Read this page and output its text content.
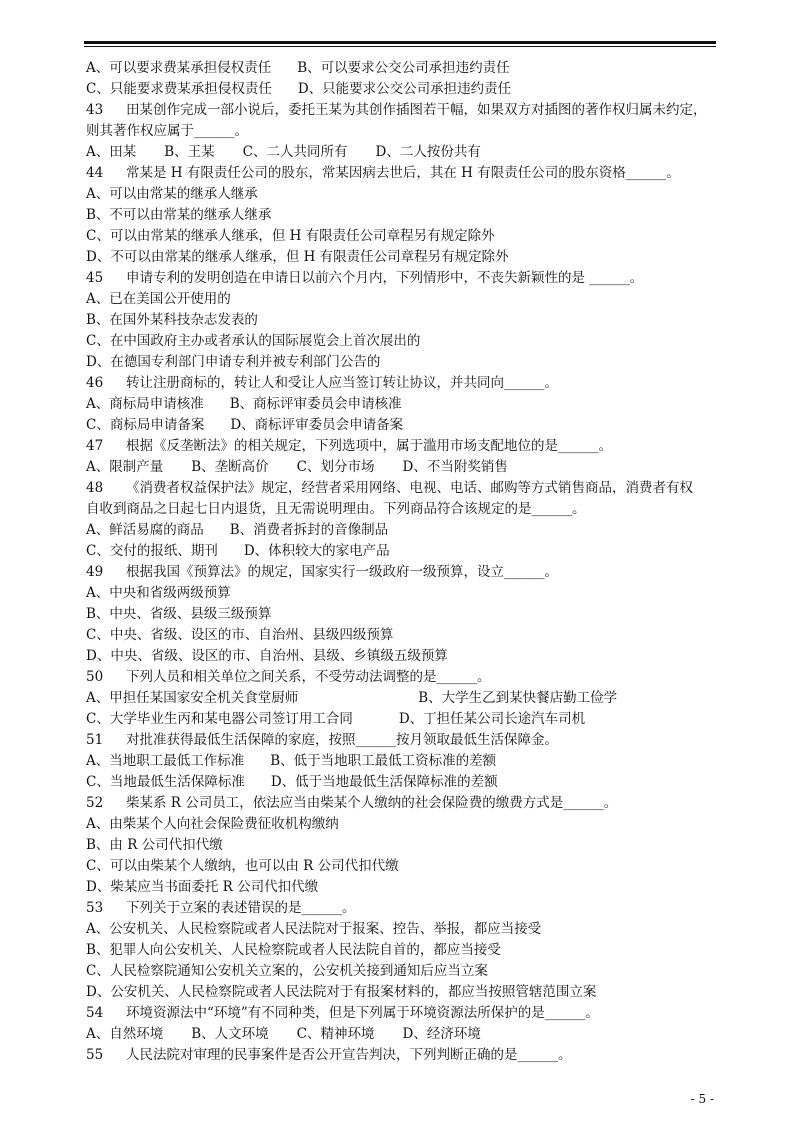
A、可以要求费某承担侵权责任 B、可以要求公交公司承担违约责任
C、只能要求费某承担侵权责任 D、只能要求公交公司承担违约责任
43	田某创作完成一部小说后，委托王某为其创作插图若干幅，如果双方对插图的著作权归属未约定，
则其著作权应属于______。
A、田某 B、王某 C、二人共同所有 D、二人按份共有
44	常某是 H 有限责任公司的股东，常某因病去世后，其在 H 有限责任公司的股东资格______。
A、可以由常某的继承人继承
B、不可以由常某的继承人继承
C、可以由常某的继承人继承，但 H 有限责任公司章程另有规定除外
D、不可以由常某的继承人继承，但 H 有限责任公司章程另有规定除外
45	申请专利的发明创造在申请日以前六个月内，下列情形中，不丧失新颖性的是 ______。
A、已在美国公开使用的
B、在国外某科技杂志发表的
C、在中国政府主办或者承认的国际展览会上首次展出的
D、在德国专利部门申请专利并被专利部门公告的
46	转让注册商标的，转让人和受让人应当签订转让协议，并共同向______。
A、商标局申请核准 B、商标评审委员会申请核准
C、商标局申请备案 D、商标评审委员会申请备案
47	根据《反垄断法》的相关规定，下列选项中，属于滥用市场支配地位的是______。
A、限制产量 B、垄断高价 C、划分市场 D、不当附奖销售
48	《消费者权益保护法》规定，经营者采用网络、电视、电话、邮购等方式销售商品，消费者有权
自收到商品之日起七日内退货，且无需说明理由。下列商品符合该规定的是______。
A、鲜活易腐的商品 B、消费者拆封的音像制品
C、交付的报纸、期刊 D、体积较大的家电产品
49	根据我国《预算法》的规定，国家实行一级政府一级预算，设立______。
A、中央和省级两级预算
B、中央、省级、县级三级预算
C、中央、省级、设区的市、自治州、县级四级预算
D、中央、省级、设区的市、自治州、县级、乡镇级五级预算
50	下列人员和相关单位之间关系，不受劳动法调整的是______。
A、甲担任某国家安全机关食堂厨师	B、大学生乙到某快餐店勤工俭学
C、大学毕业生丙和某电器公司签订用工合同	D、丁担任某公司长途汽车司机
51	对批准获得最低生活保障的家庭，按照______按月领取最低生活保障金。
A、当地职工最低工作标准 B、低于当地职工最低工资标准的差额
C、当地最低生活保障标准 D、低于当地最低生活保障标准的差额
52	柴某系 R 公司员工，依法应当由柴某个人缴纳的社会保险费的缴费方式是______。
A、由柴某个人向社会保险费征收机构缴纳
B、由 R 公司代扣代缴
C、可以由柴某个人缴纳，也可以由 R 公司代扣代缴
D、柴某应当书面委托 R 公司代扣代缴
53	下列关于立案的表述错误的是______。
A、公安机关、人民检察院或者人民法院对于报案、控告、举报，都应当接受
B、犯罪人向公安机关、人民检察院或者人民法院自首的，都应当接受
C、人民检察院通知公安机关立案的，公安机关接到通知后应当立案
D、公安机关、人民检察院或者人民法院对于有报案材料的，都应当按照管辖范围立案
54	环境资源法中“环境”有不同种类，但是下列属于环境资源法所保护的是______。
A、自然环境 B、人文环境 C、精神环境 D、经济环境
55	人民法院对审理的民事案件是否公开宣告判决，下列判断正确的是______。
- 5 -
